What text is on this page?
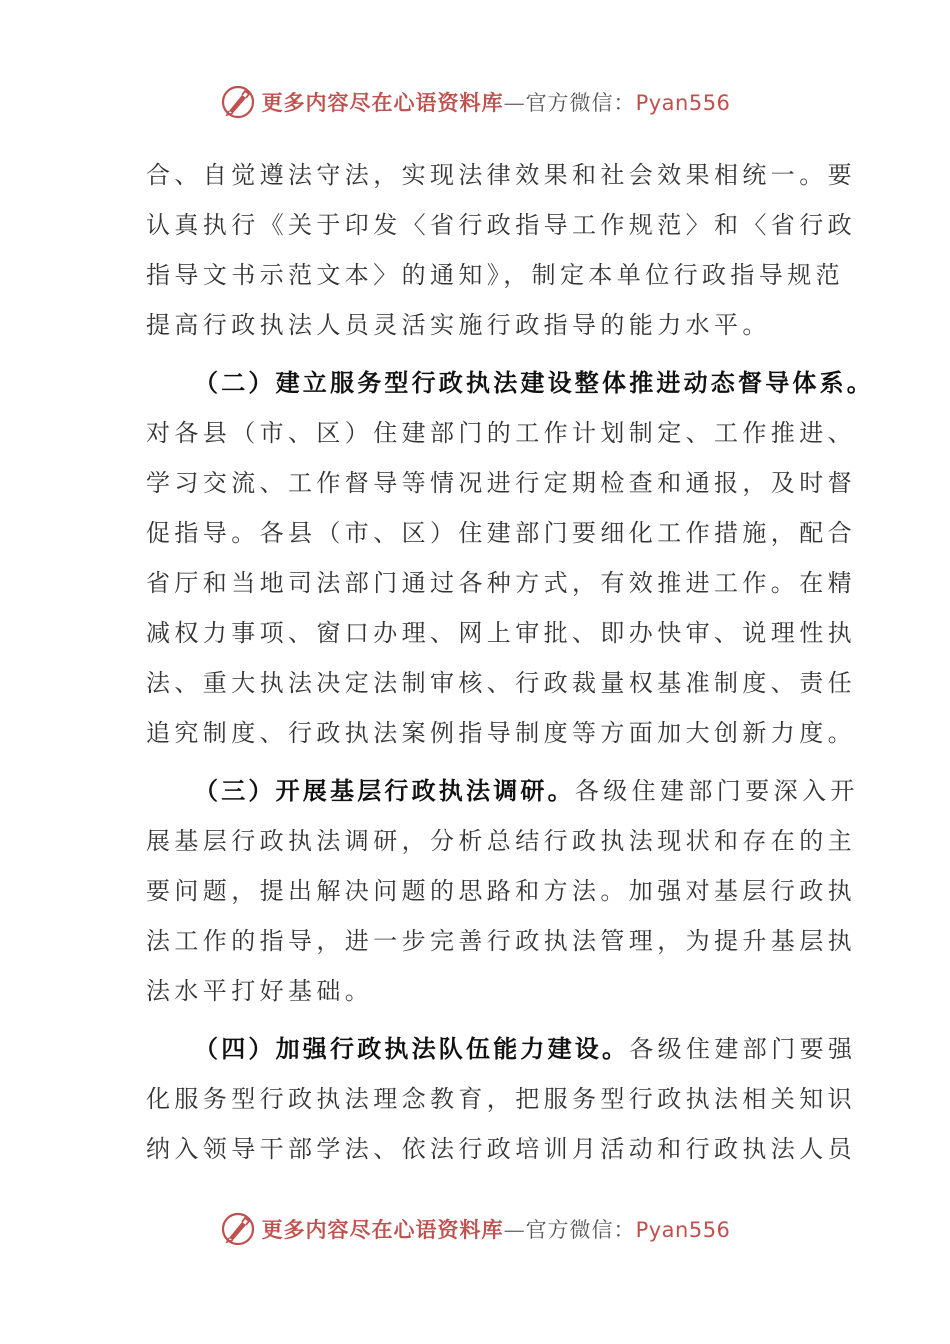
更多内容尽在心语资料库—官方微信：Pyan556
合、自觉遵法守法，实现法律效果和社会效果相统一。要
认真执行《关于印发〈省行政指导工作规范〉和〈省行政
指导文书示范文本〉的通知》，制定本单位行政指导规范
提高行政执法人员灵活实施行政指导的能力水平。
（二）建立服务型行政执法建设整体推进动态督导体系。
对各县（市、区）住建部门的工作计划制定、工作推进、
学习交流、工作督导等情况进行定期检查和通报，及时督
促指导。各县（市、区）住建部门要细化工作措施，配合
省厅和当地司法部门通过各种方式，有效推进工作。在精
减权力事项、窗口办理、网上审批、即办快审、说理性执
法、重大执法决定法制审核、行政裁量权基准制度、责任
追究制度、行政执法案例指导制度等方面加大创新力度。
（三）开展基层行政执法调研。各级住建部门要深入开
展基层行政执法调研，分析总结行政执法现状和存在的主
要问题，提出解决问题的思路和方法。加强对基层行政执
法工作的指导，进一步完善行政执法管理，为提升基层执
法水平打好基础。
（四）加强行政执法队伍能力建设。各级住建部门要强
化服务型行政执法理念教育，把服务型行政执法相关知识
纳入领导干部学法、依法行政培训月活动和行政执法人员
更多内容尽在心语资料库—官方微信：Pyan556
